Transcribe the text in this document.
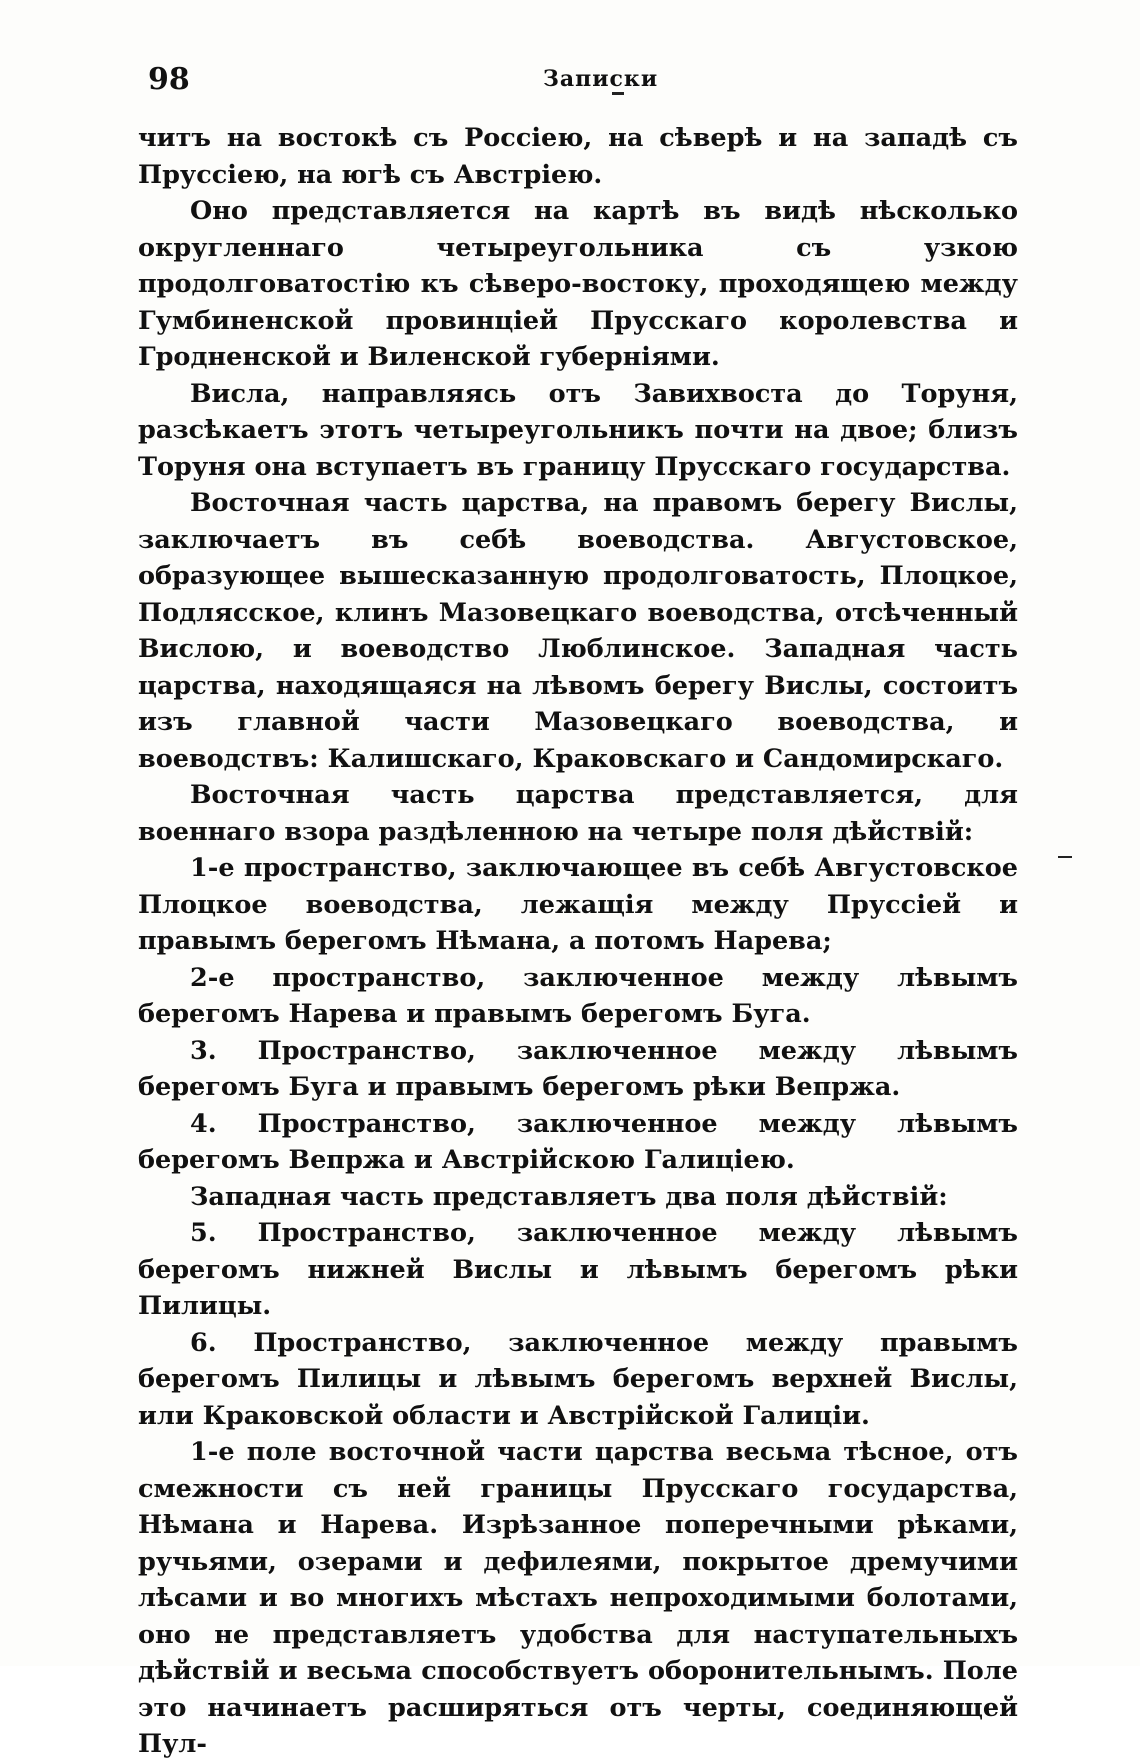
98	Записки

читъ на востокѣ съ Россіею, на сѣверѣ и на западѣ съ Пруссіею, на югѣ съ Австріею.

Оно представляется на картѣ въ видѣ нѣсколько округленнаго четыреугольника съ узкою продолговатостію къ сѣверо-востоку, проходящею между Гумбиненской провинціей Прусскаго королевства и Гродненской и Виленской губерніями.

Висла, направляясь отъ Завихвоста до Торуня, разсѣкаетъ этотъ четыреугольникъ почти на двое; близъ Торуня она вступаетъ въ границу Прусскаго государства.

Восточная часть царства, на правомъ берегу Вислы, заключаетъ въ себѣ воеводства. Августовское, образующее вышесказанную продолговатость, Плоцкое, Подлясское, клинъ Мазовецкаго воеводства, отсѣченный Вислою, и воеводство Люблинское. Западная часть царства, находящаяся на лѣвомъ берегу Вислы, состоитъ изъ главной части Мазовецкаго воеводства, и воеводствъ: Калишскаго, Краковскаго и Сандомирскаго.

Восточная часть царства представляется, для военнаго взора раздѣленною на четыре поля дѣйствій:

1-е пространство, заключающее въ себѣ Августовское Плоцкое воеводства, лежащія между Пруссіей и правымъ берегомъ Нѣмана, а потомъ Нарева;

2-е пространство, заключенное между лѣвымъ берегомъ Нарева и правымъ берегомъ Буга.

3. Пространство, заключенное между лѣвымъ берегомъ Буга и правымъ берегомъ рѣки Вепржа.

4. Пространство, заключенное между лѣвымъ берегомъ Вепржа и Австрійскою Галиціею.

Западная часть представляетъ два поля дѣйствій:

5. Пространство, заключенное между лѣвымъ берегомъ нижней Вислы и лѣвымъ берегомъ рѣки Пилицы.

6. Пространство, заключенное между правымъ берегомъ Пилицы и лѣвымъ берегомъ верхней Вислы, или Краковской области и Австрійской Галиціи.

1-е поле восточной части царства весьма тѣсное, отъ смежности съ ней границы Прусскаго государства, Нѣмана и Нарева. Изрѣзанное поперечными рѣками, ручьями, озерами и дефилеями, покрытое дремучими лѣсами и во многихъ мѣстахъ непроходимыми болотами, оно не представляетъ удобства для наступательныхъ дѣйствій и весьма способствуетъ оборонительнымъ. Поле это начинаетъ расширяться отъ черты, соединяющей Пул-
